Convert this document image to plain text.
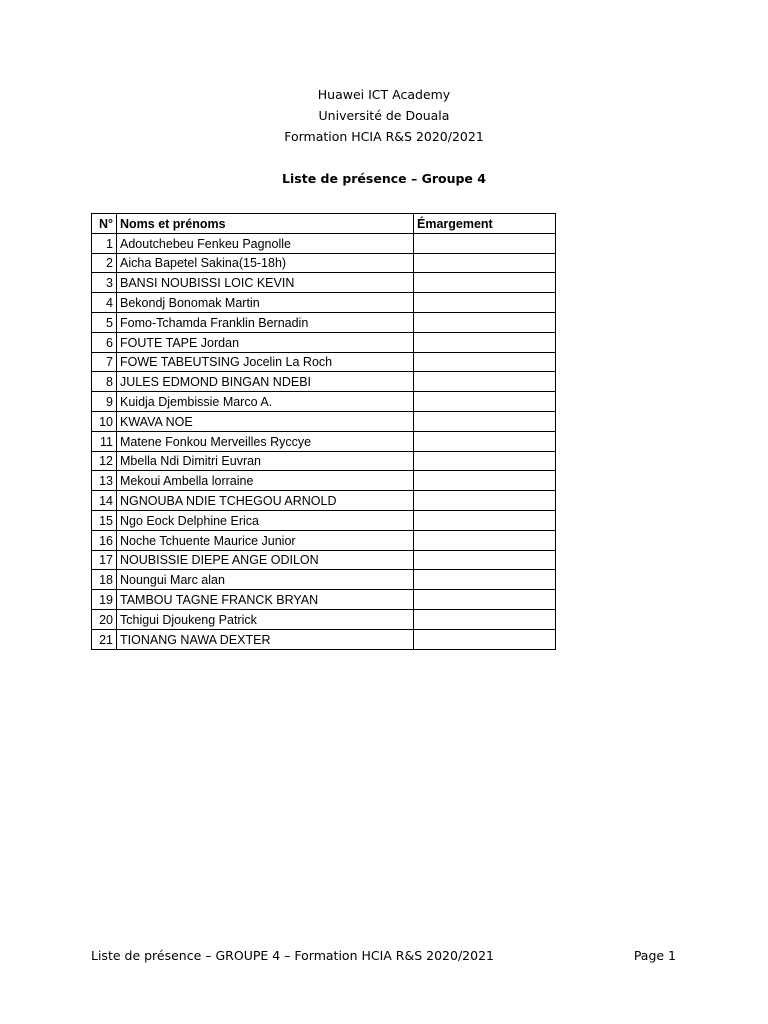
Huawei ICT Academy
Université de Douala
Formation HCIA R&S 2020/2021
Liste de présence – Groupe 4
N°	Noms et prénoms	Émargement
1	Adoutchebeu Fenkeu Pagnolle	
2	Aicha Bapetel Sakina(15-18h)	
3	BANSI NOUBISSI LOIC KEVIN	
4	Bekondj Bonomak Martin	
5	Fomo-Tchamda Franklin Bernadin	
6	FOUTE TAPE Jordan	
7	FOWE TABEUTSING Jocelin La Roch	
8	JULES EDMOND BINGAN NDEBI	
9	Kuidja Djembissie Marco A.	
10	KWAVA NOE	
11	Matene Fonkou Merveilles Ryccye	
12	Mbella Ndi Dimitri Euvran	
13	Mekoui Ambella lorraine	
14	NGNOUBA NDIE TCHEGOU ARNOLD	
15	Ngo Eock Delphine Erica	
16	Noche Tchuente Maurice Junior	
17	NOUBISSIE DIEPE ANGE ODILON	
18	Noungui Marc alan	
19	TAMBOU TAGNE FRANCK BRYAN	
20	Tchigui Djoukeng Patrick	
21	TIONANG NAWA DEXTER	
Liste de présence – GROUPE 4 – Formation HCIA R&S 2020/2021	Page 1
